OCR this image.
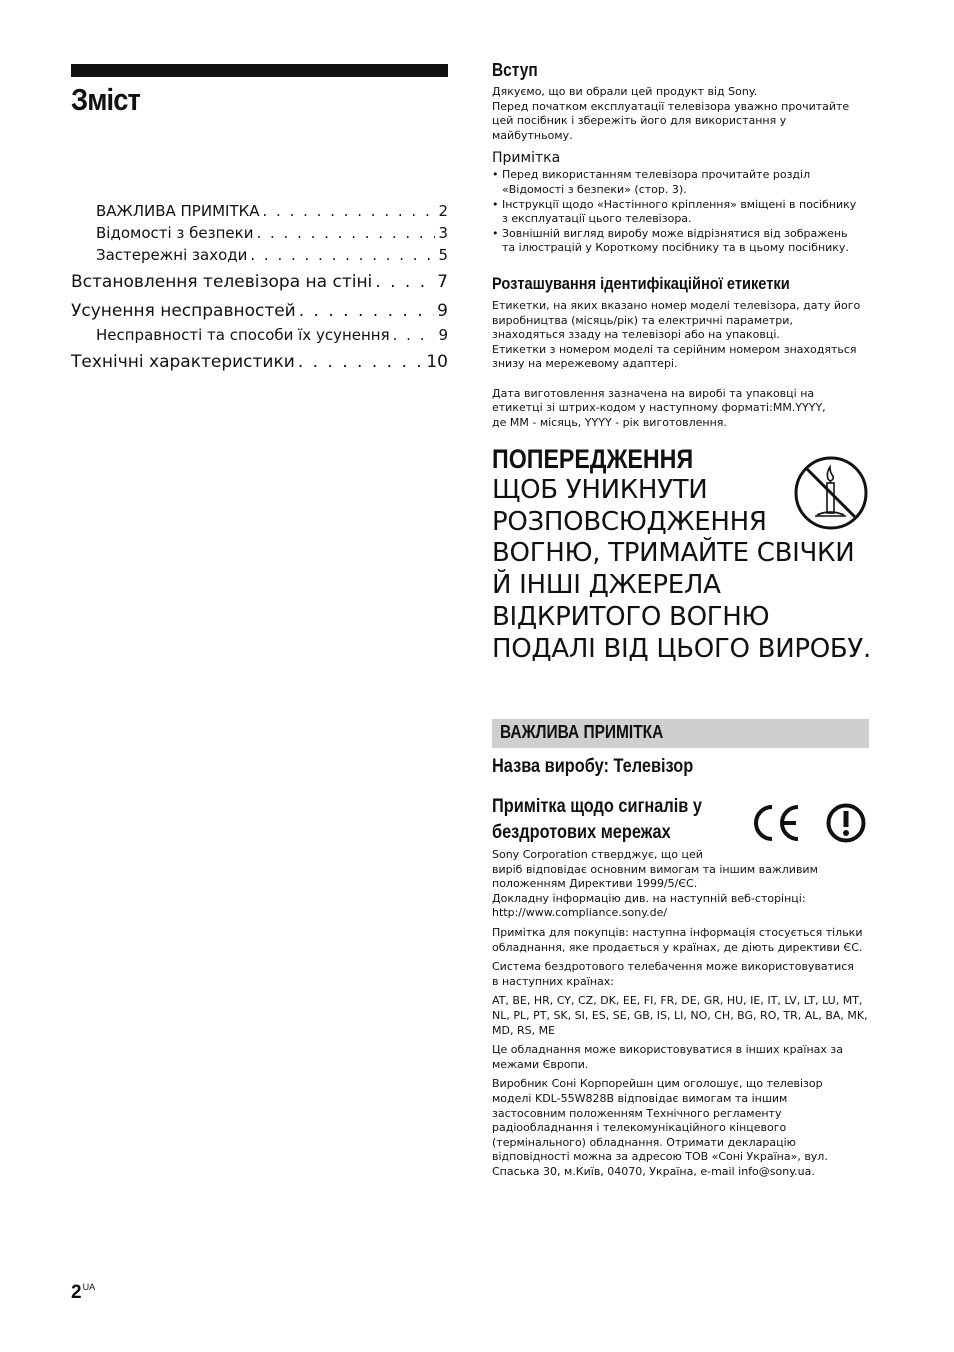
Зміст
ВАЖЛИВА ПРИМІТКА . . .	2
Відомості з безпеки . . .	3
Застережні заходи . . .	5
Встановлення телевізора на стіні . . .	7
Усунення несправностей . . .	9
Несправності та способи їх усунення . . .	9
Технічні характеристики . . .	10
Вступ

Дякуємо, що ви обрали цей продукт від Sony.

Перед початком експлуатації телевізора уважно прочитайте

цей посібник і збережіть його для використання у

майбутньому.

Примітка
• Перед використанням телевізора прочитайте розділ
«Відомості з безпеки» (стор. 3).
• Інструкції щодо «Настінного кріплення» вміщені в посібнику
з експлуатації цього телевізора.
• Зовнішній вигляд виробу може відрізнятися від зображень
та ілюстрацій у Короткому посібнику та в цьому посібнику.
Розташування ідентифікаційної етикетки

Етикетки, на яких вказано номер моделі телевізора, дату його

виробництва (місяць/рік) та електричні параметри,

знаходяться ззаду на телевізорі або на упаковці.

Етикетки з номером моделі та серійним номером знаходяться

знизу на мережевому адаптері.

Дата виготовлення зазначена на виробі та упаковці на

етикетці зі штрих-кодом у наступному форматі:MM.YYYY,

де MM - місяць, YYYY - рік виготовлення.

ПОПЕРЕДЖЕННЯ
ЩОБ УНИКНУТИ
РОЗПОВСЮДЖЕННЯ
ВОГНЮ, ТРИМАЙТЕ СВІЧКИ
Й ІНШІ ДЖЕРЕЛА
ВІДКРИТОГО ВОГНЮ
ПОДАЛІ ВІД ЦЬОГО ВИРОБУ.
ВАЖЛИВА ПРИМІТКА
Назва виробу: Телевізор
Примітка щодо сигналів у
бездротових мережах

Sony Corporation стверджує, що цей
виріб відповідає основним вимогам та іншим важливим
положенням Директиви 1999/5/ЄС.
Докладну інформацію див. на наступній веб-сторінці:
http://www.compliance.sony.de/

Примітка для покупців: наступна інформація стосується тільки
обладнання, яке продається у країнах, де діють директиви ЄС.

Система бездротового телебачення може використовуватися
в наступних країнах:

AT, BE, HR, CY, CZ, DK, EE, FI, FR, DE, GR, HU, IE, IT, LV, LT, LU, MT,
NL, PL, PT, SK, SI, ES, SE, GB, IS, LI, NO, CH, BG, RO, TR, AL, BA, MK,
MD, RS, ME

Це обладнання може використовуватися в інших країнах за
межами Європи.

Виробник Соні Корпорейшн цим оголошує, що телевізор
моделі KDL-55W828B відповідає вимогам та іншим
застосовним положенням Технічного регламенту
радіообладнання і телекомунікаційного кінцевого
(термінального) обладнання. Отримати декларацію
відповідності можна за адресою ТОВ «Соні Україна», вул.
Спаська 30, м.Київ, 04070, Україна, e-mail info@sony.ua.

$2^{UA}$
